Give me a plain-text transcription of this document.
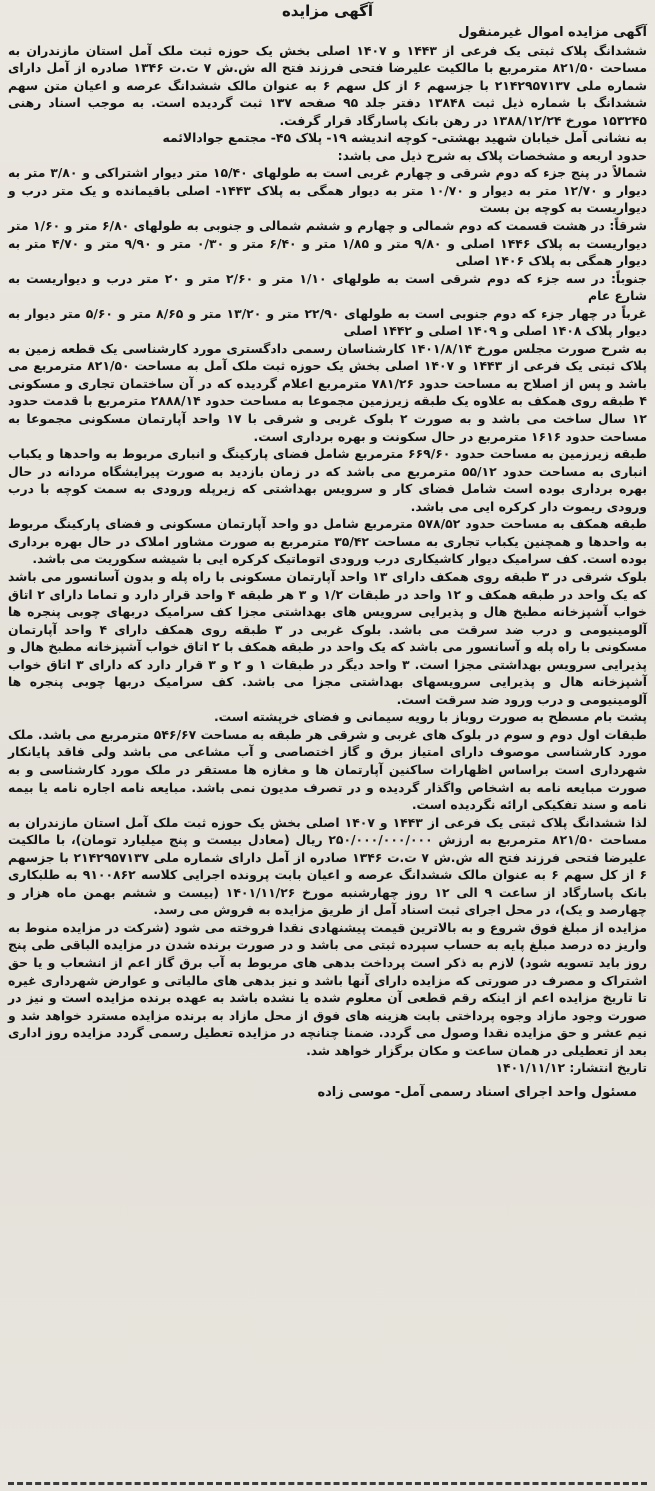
آگهی مزایده

آگهی مزایده اموال غیرمنقول

ششدانگ پلاک ثبتی یک فرعی از ۱۴۴۳ و ۱۴۰۷ اصلی بخش یک حوزه ثبت ملک آمل استان مازندران به مساحت ۸۲۱/۵۰ مترمربع با مالکیت علیرضا فتحی فرزند فتح اله ش.ش ۷ ت.ت ۱۳۴۶ صادره از آمل دارای شماره ملی ۲۱۴۲۹۵۷۱۳۷ با جزسهم ۶ از کل سهم ۶ به عنوان مالک ششدانگ عرصه و اعیان متن سهم ششدانگ با شماره ذیل ثبت ۱۳۸۴۸ دفتر جلد ۹۵ صفحه ۱۳۷ ثبت گردیده است. به موجب اسناد رهنی ۱۵۳۲۴۵ مورخ ۱۳۸۸/۱۲/۲۴ در رهن بانک پاسارگاد قرار گرفت.

به نشانی آمل خیابان شهید بهشتی- کوچه اندیشه ۱۹- پلاک ۴۵- مجتمع جوادالائمه

حدود اربعه و مشخصات پلاک به شرح ذیل می باشد:

شمالاً در پنج جزء که دوم شرقی و چهارم غربی است به طولهای ۱۵/۴۰ متر دیوار اشتراکی و ۳/۸۰ متر به دیوار و ۱۲/۷۰ متر به دیوار و ۱۰/۷۰ متر به دیوار همگی به پلاک ۱۴۴۳- اصلی باقیمانده و یک متر درب و دیواریست به کوچه بن بست

شرقاً: در هشت قسمت که دوم شمالی و چهارم و ششم شمالی و جنوبی به طولهای ۶/۸۰ متر و ۱/۶۰ متر دیواریست به پلاک ۱۴۴۶ اصلی و ۹/۸۰ متر و ۱/۸۵ متر و ۶/۴۰ متر و ۰/۳۰ متر و ۹/۹۰ متر و ۴/۷۰ متر به دیوار همگی به پلاک ۱۴۰۶ اصلی

جنوباً: در سه جزء که دوم شرقی است به طولهای ۱/۱۰ متر و ۲/۶۰ متر و ۲۰ متر درب و دیواریست به شارع عام

غرباً در چهار جزء که دوم جنوبی است به طولهای ۲۲/۹۰ متر و ۱۳/۲۰ متر و ۸/۶۵ متر و ۵/۶۰ متر دیوار به دیوار پلاک ۱۴۰۸ اصلی و ۱۴۰۹ اصلی و ۱۴۴۲ اصلی

به شرح صورت مجلس مورخ ۱۴۰۱/۸/۱۴ کارشناسان رسمی دادگستری مورد کارشناسی یک قطعه زمین به پلاک ثبتی یک فرعی از ۱۴۴۳ و ۱۴۰۷ اصلی بخش یک حوزه ثبت ملک آمل به مساحت ۸۲۱/۵۰ مترمربع می باشد و پس از اصلاح به مساحت حدود ۷۸۱/۲۶ مترمربع اعلام گردیده که در آن ساختمان تجاری و مسکونی ۴ طبقه روی همکف به علاوه یک طبقه زیرزمین مجموعا به مساحت حدود ۲۸۸۸/۱۴ مترمربع با قدمت حدود ۱۲ سال ساخت می باشد و به صورت ۲ بلوک غربی و شرقی با ۱۷ واحد آپارتمان مسکونی مجموعا به مساحت حدود ۱۶۱۶ مترمربع در حال سکونت و بهره برداری است.

طبقه زیرزمین به مساحت حدود ۶۶۹/۶۰ مترمربع شامل فضای پارکینگ و انباری مربوط به واحدها و یکباب انباری به مساحت حدود ۵۵/۱۲ مترمربع می باشد که در زمان بازدید به صورت پیرایشگاه مردانه در حال بهره برداری بوده است شامل فضای کار و سرویس بهداشتی که زیرپله ورودی به سمت کوچه با درب ورودی ریموت دار کرکره ایی می باشد.

طبقه همکف به مساحت حدود ۵۷۸/۵۲ مترمربع شامل دو واحد آپارتمان مسکونی و فضای پارکینگ مربوط به واحدها و همچنین یکباب تجاری به مساحت ۳۵/۴۲ مترمربع به صورت مشاور املاک در حال بهره برداری بوده است. کف سرامیک دیوار کاشیکاری درب ورودی اتوماتیک کرکره ایی با شیشه سکوریت می باشد.

بلوک شرقی در ۳ طبقه روی همکف دارای ۱۳ واحد آپارتمان مسکونی با راه پله و بدون آسانسور می باشد که یک واحد در طبقه همکف و ۱۲ واحد در طبقات ۱/۲ و ۳ هر طبقه ۴ واحد قرار دارد و تماما دارای ۲ اتاق خواب آشپزخانه مطبخ هال و پذیرایی سرویس های بهداشتی مجزا کف سرامیک دربهای چوبی پنجره ها آلومینیومی و درب ضد سرقت می باشد. بلوک غربی در ۳ طبقه روی همکف دارای ۴ واحد آپارتمان مسکونی با راه پله و آسانسور می باشد که یک واحد در طبقه همکف با ۲ اتاق خواب آشپزخانه مطبخ هال و پذیرایی سرویس بهداشتی مجزا است. ۳ واحد دیگر در طبقات ۱ و ۲ و ۳ قرار دارد که دارای ۳ اتاق خواب آشپزخانه هال و پذیرایی سرویسهای بهداشتی مجزا می باشد. کف سرامیک دربها چوبی پنجره ها آلومینیومی و درب ورود ضد سرقت است.

پشت بام مسطح به صورت روباز با رویه سیمانی و فضای خرپشته است.

طبقات اول دوم و سوم در بلوک های غربی و شرقی هر طبقه به مساحت ۵۴۶/۶۷ مترمربع می باشد. ملک مورد کارشناسی موصوف دارای امتیاز برق و گاز اختصاصی و آب مشاعی می باشد ولی فاقد پایانکار شهرداری است براساس اظهارات ساکنین آپارتمان ها و مغازه ها مستقر در ملک مورد کارشناسی و به صورت مبایعه نامه به اشخاص واگذار گردیده و در تصرف مدیون نمی باشد. مبایعه نامه اجاره نامه یا بیمه نامه و سند تفکیکی ارائه نگردیده است.

لذا ششدانگ پلاک ثبتی یک فرعی از ۱۴۴۳ و ۱۴۰۷ اصلی بخش یک حوزه ثبت ملک آمل استان مازندران به مساحت ۸۲۱/۵۰ مترمربع به ارزش ۲۵۰/۰۰۰/۰۰۰/۰۰۰ ریال (معادل بیست و پنج میلیارد تومان)، با مالکیت علیرضا فتحی فرزند فتح اله ش.ش ۷ ت.ت ۱۳۴۶ صادره از آمل دارای شماره ملی ۲۱۴۲۹۵۷۱۳۷ با جزسهم ۶ از کل سهم ۶ به عنوان مالک ششدانگ عرصه و اعیان بابت پرونده اجرایی کلاسه ۹۱۰۰۸۶۲ به طلبکاری بانک پاسارگاد از ساعت ۹ الی ۱۲ روز چهارشنبه مورخ ۱۴۰۱/۱۱/۲۶ (بیست و ششم بهمن ماه هزار و چهارصد و یک)، در محل اجرای ثبت اسناد آمل از طریق مزایده به فروش می رسد.

مزایده از مبلغ فوق شروع و به بالاترین قیمت پیشنهادی نقدا فروخته می شود (شرکت در مزایده منوط به واریز ده درصد مبلغ پایه به حساب سپرده ثبتی می باشد و در صورت برنده شدن در مزایده الباقی طی پنج روز باید تسویه شود) لازم به ذکر است پرداخت بدهی های مربوط به آب برق گاز اعم از انشعاب و یا حق اشتراک و مصرف در صورتی که مزایده دارای آنها باشد و نیز بدهی های مالیاتی و عوارض شهرداری غیره تا تاریخ مزایده اعم از اینکه رقم قطعی آن معلوم شده یا نشده باشد به عهده برنده مزایده است و نیز در صورت وجود مازاد وجوه پرداختی بابت هزینه های فوق از محل مازاد به برنده مزایده مسترد خواهد شد و نیم عشر و حق مزایده نقدا وصول می گردد. ضمنا چنانچه در مزایده تعطیل رسمی گردد مزایده روز اداری بعد از تعطیلی در همان ساعت و مکان برگزار خواهد شد.

تاریخ انتشار: ۱۴۰۱/۱۱/۱۲

مسئول واحد اجرای اسناد رسمی آمل- موسی زاده
